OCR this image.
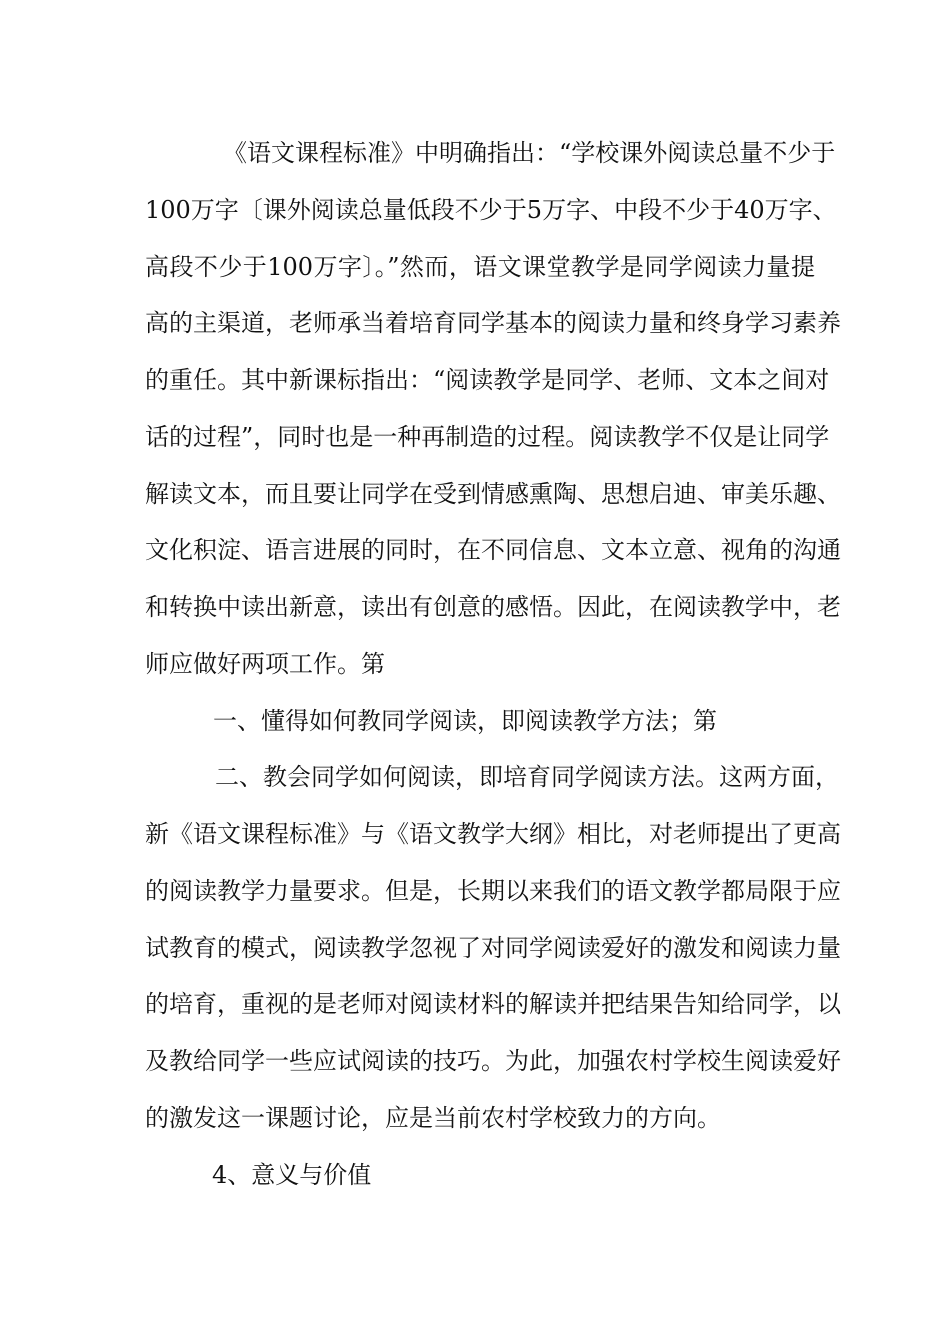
《语文课程标准》中明确指出：“学校课外阅读总量不少于

100万字〔课外阅读总量低段不少于5万字、中段不少于40万字、

高段不少于100万字〕。”然而，语文课堂教学是同学阅读力量提

高的主渠道，老师承当着培育同学基本的阅读力量和终身学习素养

的重任。其中新课标指出：“阅读教学是同学、老师、文本之间对

话的过程”，同时也是一种再制造的过程。阅读教学不仅是让同学

解读文本，而且要让同学在受到情感熏陶、思想启迪、审美乐趣、

文化积淀、语言进展的同时，在不同信息、文本立意、视角的沟通

和转换中读出新意，读出有创意的感悟。因此，在阅读教学中，老

师应做好两项工作。第

一、懂得如何教同学阅读，即阅读教学方法；第

二、教会同学如何阅读，即培育同学阅读方法。这两方面，

新《语文课程标准》与《语文教学大纲》相比，对老师提出了更高

的阅读教学力量要求。但是，长期以来我们的语文教学都局限于应

试教育的模式，阅读教学忽视了对同学阅读爱好的激发和阅读力量

的培育，重视的是老师对阅读材料的解读并把结果告知给同学，以

及教给同学一些应试阅读的技巧。为此，加强农村学校生阅读爱好

的激发这一课题讨论，应是当前农村学校致力的方向。

4、意义与价值
